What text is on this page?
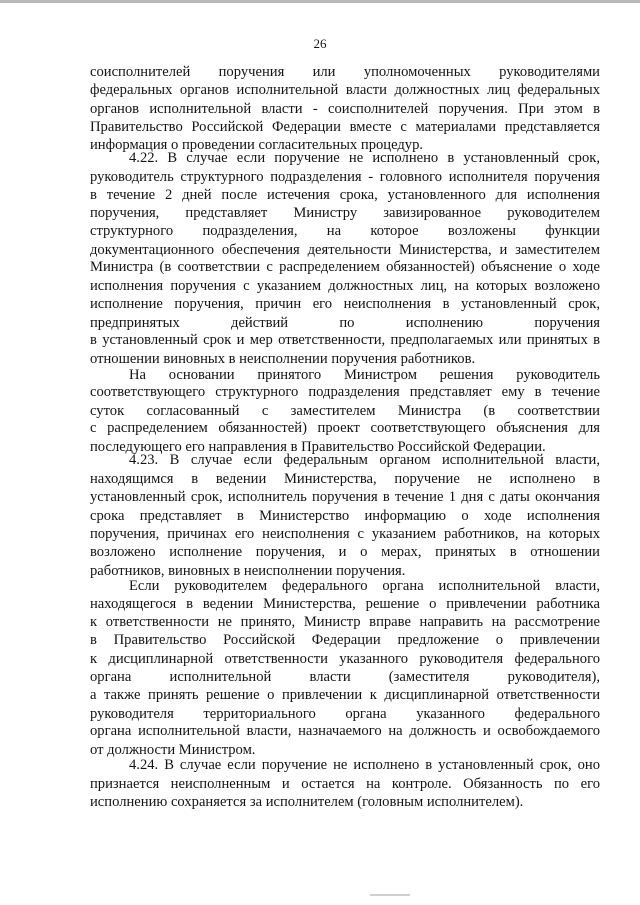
26
соисполнителей поручения или уполномоченных руководителями
федеральных органов исполнительной власти должностных лиц федеральных
органов исполнительной власти - соисполнителей поручения. При этом в
Правительство Российской Федерации вместе с материалами представляется
информация о проведении согласительных процедур.
4.22. В случае если поручение не исполнено в установленный срок,
руководитель структурного подразделения - головного исполнителя поручения
в течение 2 дней после истечения срока, установленного для исполнения
поручения, представляет Министру завизированное руководителем
структурного подразделения, на которое возложены функции
документационного обеспечения деятельности Министерства, и заместителем
Министра (в соответствии с распределением обязанностей) объяснение о ходе
исполнения поручения с указанием должностных лиц, на которых возложено
исполнение поручения, причин его неисполнения в установленный срок,
предпринятых действий по исполнению поручения
в установленный срок и мер ответственности, предполагаемых или принятых в
отношении виновных в неисполнении поручения работников.
На основании принятого Министром решения руководитель
соответствующего структурного подразделения представляет ему в течение
суток согласованный с заместителем Министра (в соответствии
с распределением обязанностей) проект соответствующего объяснения для
последующего его направления в Правительство Российской Федерации.
4.23. В случае если федеральным органом исполнительной власти,
находящимся в ведении Министерства, поручение не исполнено в
установленный срок, исполнитель поручения в течение 1 дня с даты окончания
срока представляет в Министерство информацию о ходе исполнения
поручения, причинах его неисполнения с указанием работников, на которых
возложено исполнение поручения, и о мерах, принятых в отношении
работников, виновных в неисполнении поручения.
Если руководителем федерального органа исполнительной власти,
находящегося в ведении Министерства, решение о привлечении работника
к ответственности не принято, Министр вправе направить на рассмотрение
в Правительство Российской Федерации предложение о привлечении
к дисциплинарной ответственности указанного руководителя федерального
органа исполнительной власти (заместителя руководителя),
а также принять решение о привлечении к дисциплинарной ответственности
руководителя территориального органа указанного федерального
органа исполнительной власти, назначаемого на должность и освобождаемого
от должности Министром.
4.24. В случае если поручение не исполнено в установленный срок, оно
признается неисполненным и остается на контроле. Обязанность по его
исполнению сохраняется за исполнителем (головным исполнителем).
